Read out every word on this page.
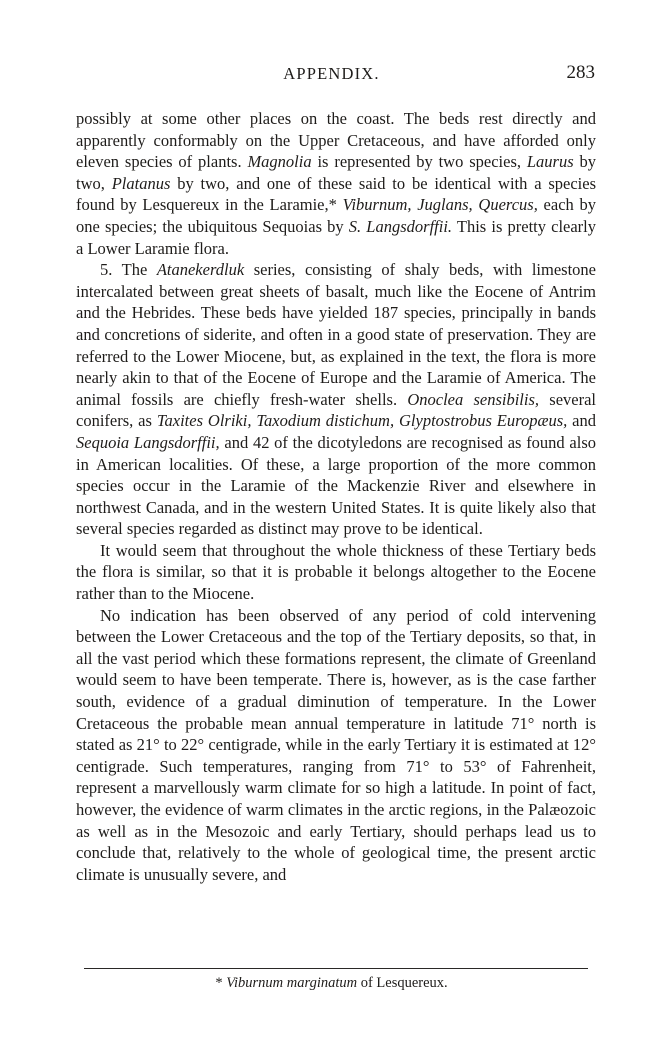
APPENDIX.	283

possibly at some other places on the coast. The beds rest directly and apparently conformably on the Upper Cretaceous, and have afforded only eleven species of plants. Magnolia is represented by two species, Laurus by two, Platanus by two, and one of these said to be identical with a species found by Lesquereux in the Laramie,* Viburnum, Juglans, Quercus, each by one species; the ubiquitous Sequoias by S. Langsdorffii. This is pretty clearly a Lower Laramie flora.

5. The Atanekerdluk series, consisting of shaly beds, with limestone intercalated between great sheets of basalt, much like the Eocene of Antrim and the Hebrides. These beds have yielded 187 species, principally in bands and concretions of siderite, and often in a good state of preservation. They are referred to the Lower Miocene, but, as explained in the text, the flora is more nearly akin to that of the Eocene of Europe and the Laramie of America. The animal fossils are chiefly fresh-water shells. Onoclea sensibilis, several conifers, as Taxites Olriki, Taxodium distichum, Glyptostrobus Europæus, and Sequoia Langsdorffii, and 42 of the dicotyledons are recognised as found also in American localities. Of these, a large proportion of the more common species occur in the Laramie of the Mackenzie River and elsewhere in northwest Canada, and in the western United States. It is quite likely also that several species regarded as distinct may prove to be identical.

It would seem that throughout the whole thickness of these Tertiary beds the flora is similar, so that it is probable it belongs altogether to the Eocene rather than to the Miocene.

No indication has been observed of any period of cold intervening between the Lower Cretaceous and the top of the Tertiary deposits, so that, in all the vast period which these formations represent, the climate of Greenland would seem to have been temperate. There is, however, as is the case farther south, evidence of a gradual diminution of temperature. In the Lower Cretaceous the probable mean annual temperature in latitude 71° north is stated as 21° to 22° centigrade, while in the early Tertiary it is estimated at 12° centigrade. Such temperatures, ranging from 71° to 53° of Fahrenheit, represent a marvellously warm climate for so high a latitude. In point of fact, however, the evidence of warm climates in the arctic regions, in the Palæozoic as well as in the Mesozoic and early Tertiary, should perhaps lead us to conclude that, relatively to the whole of geological time, the present arctic climate is unusually severe, and

* Viburnum marginatum of Lesquereux.
